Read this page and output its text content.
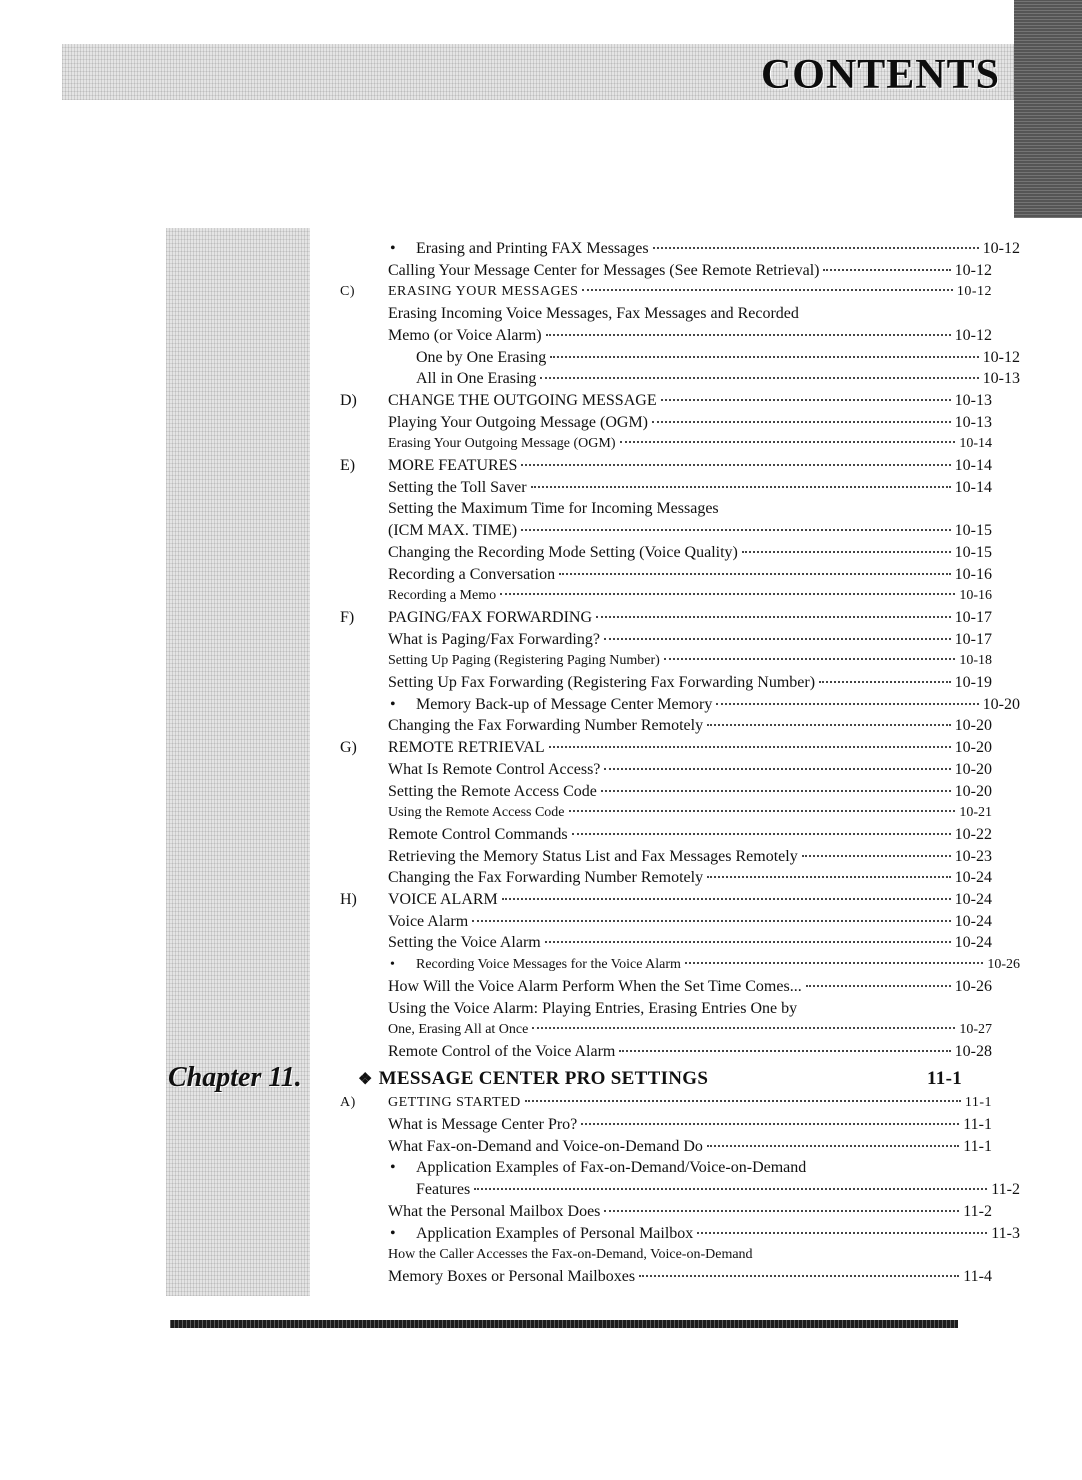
CONTENTS
Chapter 11.
• Erasing and Printing FAX Messages	10-12
Calling Your Message Center for Messages (See Remote Retrieval)	10-12
C) ERASING YOUR MESSAGES	10-12
Erasing Incoming Voice Messages, Fax Messages and Recorded
Memo (or Voice Alarm)	10-12
One by One Erasing	10-12
All in One Erasing	10-13
D) CHANGE THE OUTGOING MESSAGE	10-13
Playing Your Outgoing Message (OGM)	10-13
Erasing Your Outgoing Message (OGM)	10-14
E) MORE FEATURES	10-14
Setting the Toll Saver	10-14
Setting the Maximum Time for Incoming Messages
(ICM MAX. TIME)	10-15
Changing the Recording Mode Setting (Voice Quality)	10-15
Recording a Conversation	10-16
Recording a Memo	10-16
F) PAGING/FAX FORWARDING	10-17
What is Paging/Fax Forwarding?	10-17
Setting Up Paging (Registering Paging Number)	10-18
Setting Up Fax Forwarding (Registering Fax Forwarding Number)	10-19
• Memory Back-up of Message Center Memory	10-20
Changing the Fax Forwarding Number Remotely	10-20
G) REMOTE RETRIEVAL	10-20
What Is Remote Control Access?	10-20
Setting the Remote Access Code	10-20
Using the Remote Access Code	10-21
Remote Control Commands	10-22
Retrieving the Memory Status List and Fax Messages Remotely	10-23
Changing the Fax Forwarding Number Remotely	10-24
H) VOICE ALARM	10-24
Voice Alarm	10-24
Setting the Voice Alarm	10-24
• Recording Voice Messages for the Voice Alarm	10-26
How Will the Voice Alarm Perform When the Set Time Comes...	10-26
Using the Voice Alarm: Playing Entries, Erasing Entries One by
One, Erasing All at Once	10-27
Remote Control of the Voice Alarm	10-28
❖ MESSAGE CENTER PRO SETTINGS	11-1
A) GETTING STARTED	11-1
What is Message Center Pro?	11-1
What Fax-on-Demand and Voice-on-Demand Do	11-1
• Application Examples of Fax-on-Demand/Voice-on-Demand
Features	11-2
What the Personal Mailbox Does	11-2
• Application Examples of Personal Mailbox	11-3
How the Caller Accesses the Fax-on-Demand, Voice-on-Demand
Memory Boxes or Personal Mailboxes	11-4
